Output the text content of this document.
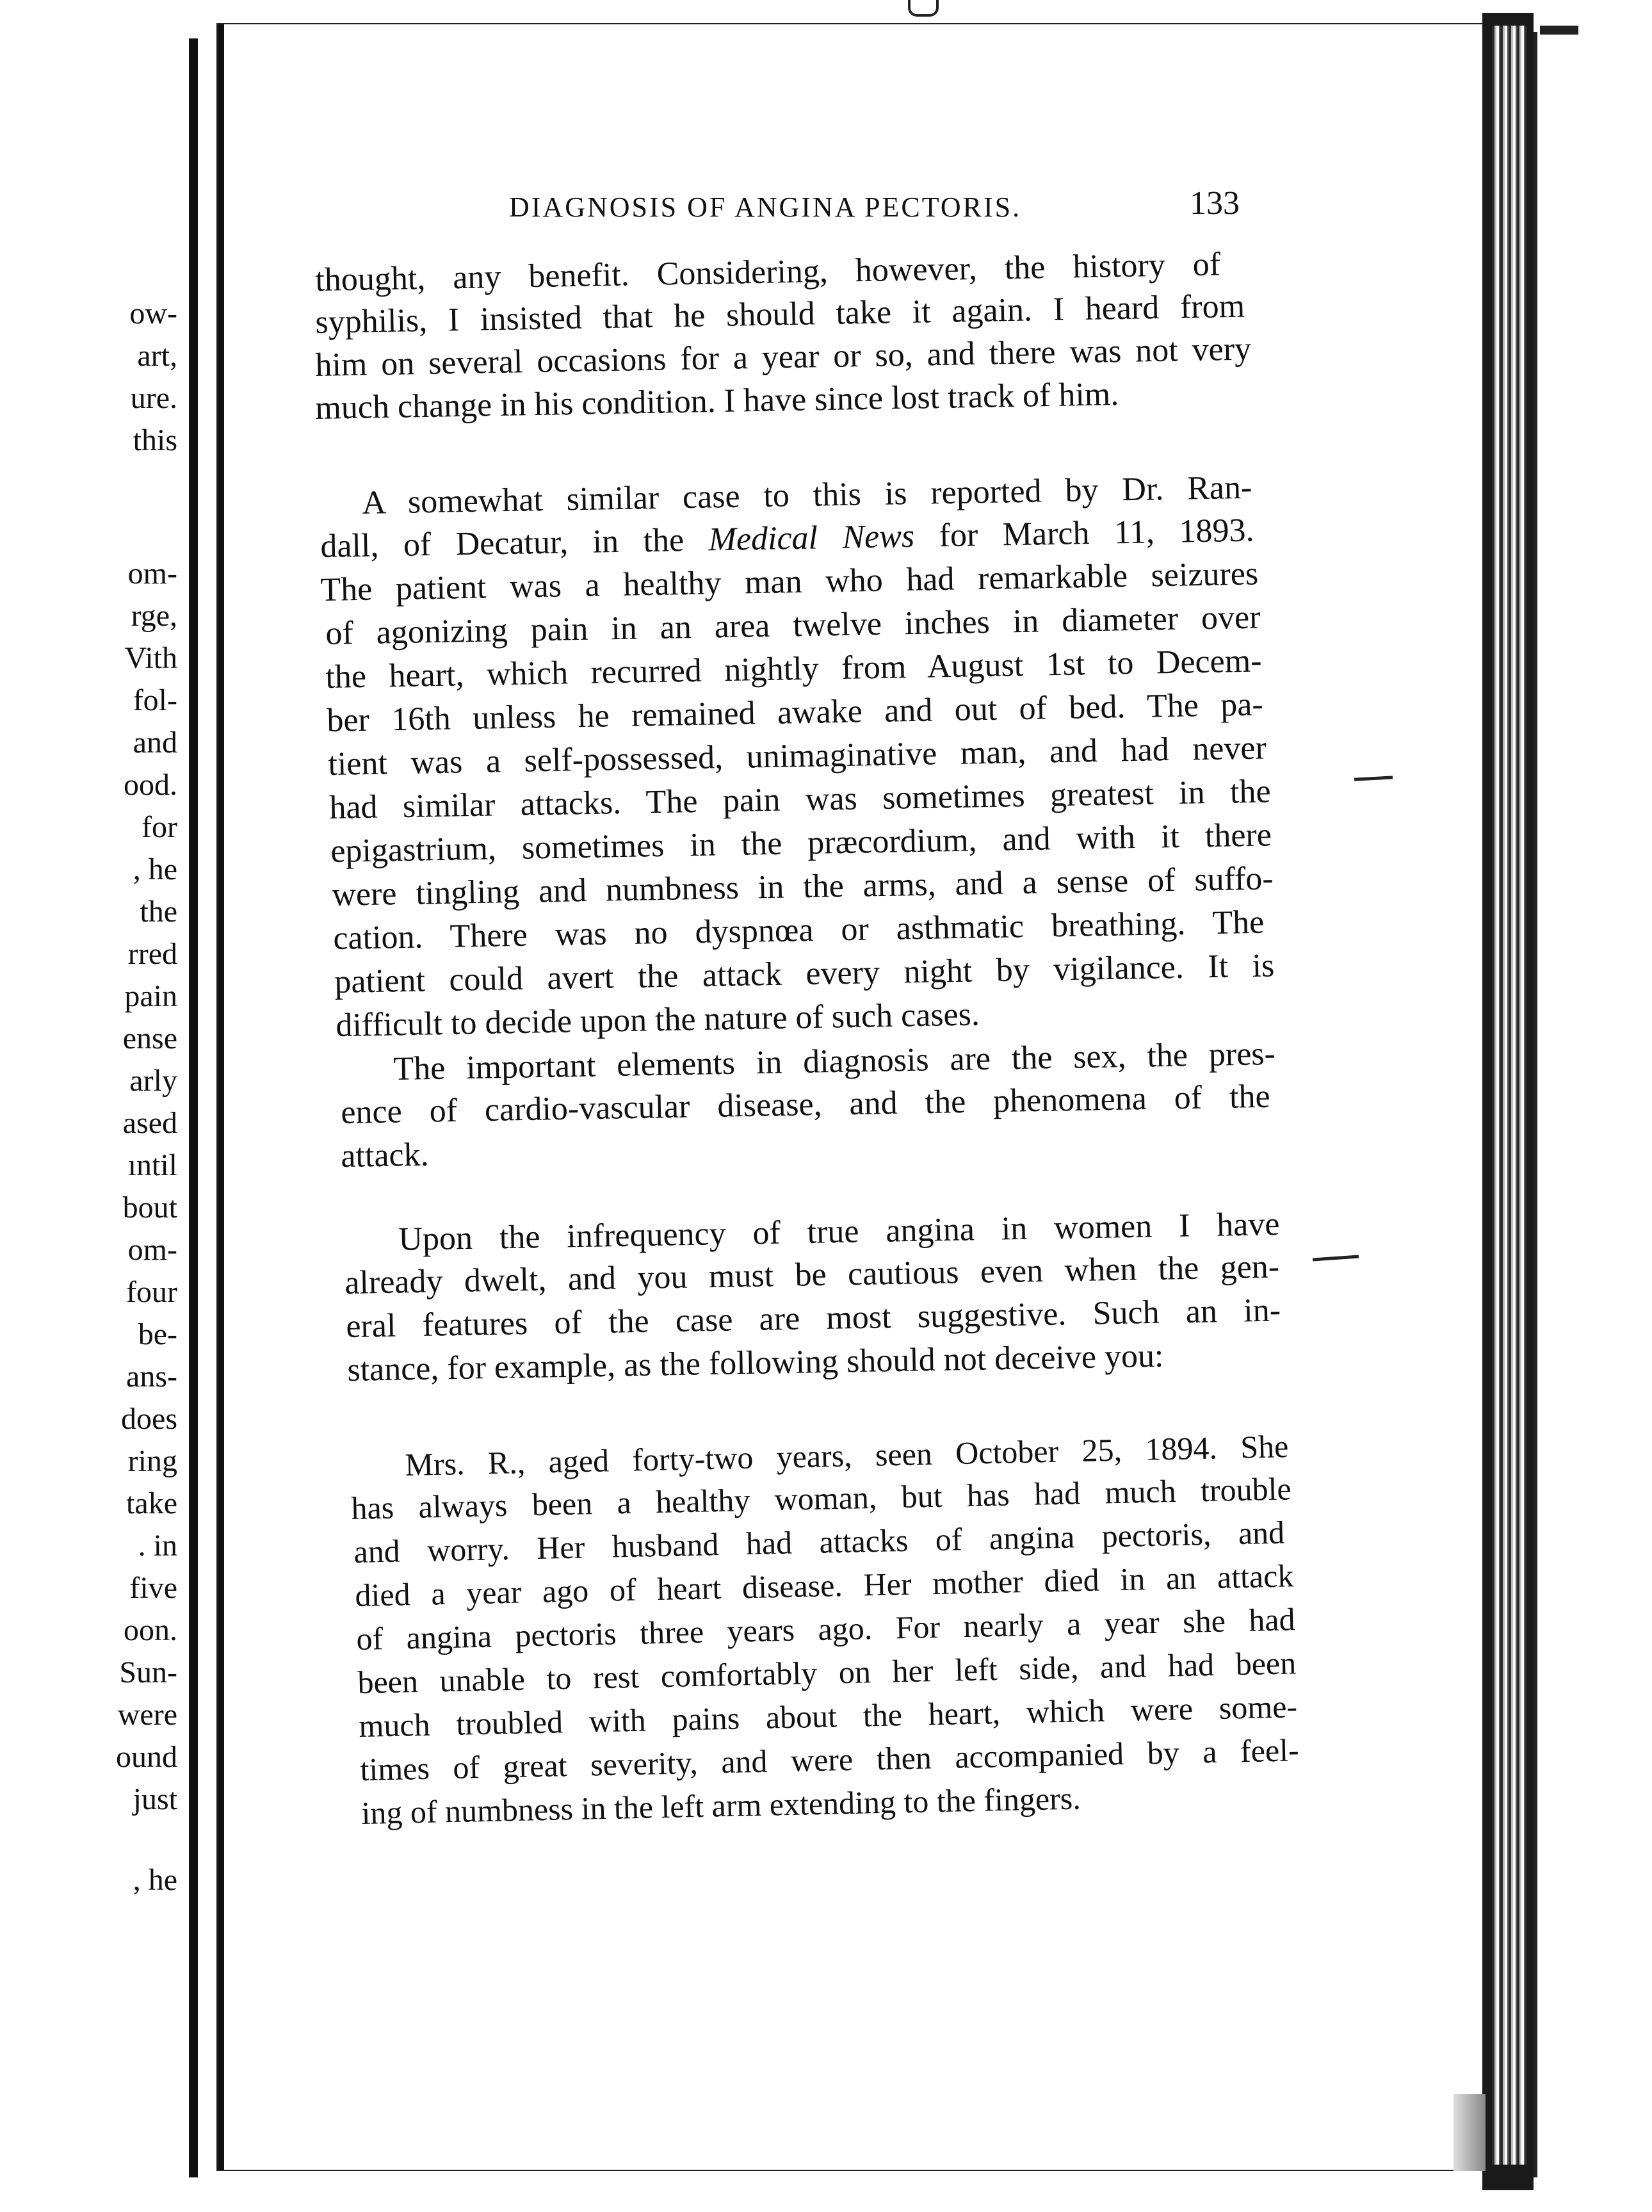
ow-

art,

ure.

this

om-

rge,

Vith

fol-

and

ood.

for

, he

the

rred

pain

ense

arly

ased

ıntil

bout

om-

four

be-

ans-

does

ring

take

. in

five

oon.

Sun-

were

ound

just

, he

DIAGNOSIS OF ANGINA PECTORIS.	133

thought, any benefit. Considering, however, the history of

syphilis, I insisted that he should take it again. I heard from

him on several occasions for a year or so, and there was not very

much change in his condition. I have since lost track of him.

A somewhat similar case to this is reported by Dr. Ran-

dall, of Decatur, in the Medical News for March 11, 1893.

The patient was a healthy man who had remarkable seizures

of agonizing pain in an area twelve inches in diameter over

the heart, which recurred nightly from August 1st to Decem-

ber 16th unless he remained awake and out of bed. The pa-

tient was a self-possessed, unimaginative man, and had never

had similar attacks. The pain was sometimes greatest in the

epigastrium, sometimes in the præcordium, and with it there

were tingling and numbness in the arms, and a sense of suffo-

cation. There was no dyspnœa or asthmatic breathing. The

patient could avert the attack every night by vigilance. It is

difficult to decide upon the nature of such cases.

The important elements in diagnosis are the sex, the pres-

ence of cardio-vascular disease, and the phenomena of the

attack.

Upon the infrequency of true angina in women I have

already dwelt, and you must be cautious even when the gen-

eral features of the case are most suggestive. Such an in-

stance, for example, as the following should not deceive you:

Mrs. R., aged forty-two years, seen October 25, 1894. She

has always been a healthy woman, but has had much trouble

and worry. Her husband had attacks of angina pectoris, and

died a year ago of heart disease. Her mother died in an attack

of angina pectoris three years ago. For nearly a year she had

been unable to rest comfortably on her left side, and had been

much troubled with pains about the heart, which were some-

times of great severity, and were then accompanied by a feel-

ing of numbness in the left arm extending to the fingers.
